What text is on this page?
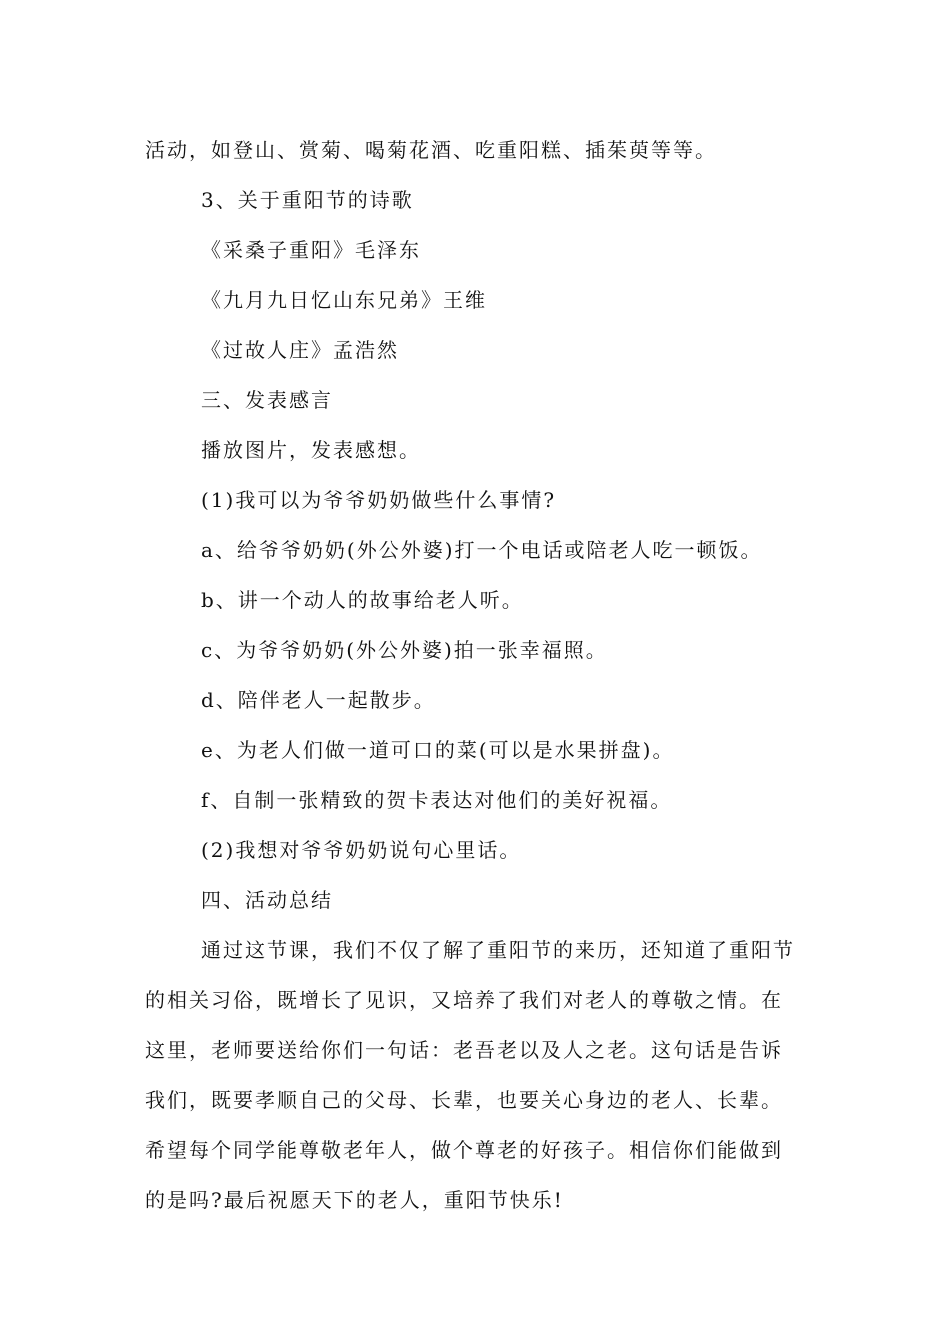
活动，如登山、赏菊、喝菊花酒、吃重阳糕、插茱萸等等。
3、关于重阳节的诗歌
《采桑子重阳》毛泽东
《九月九日忆山东兄弟》王维
《过故人庄》孟浩然
三、发表感言
播放图片，发表感想。
(1)我可以为爷爷奶奶做些什么事情?
a、给爷爷奶奶(外公外婆)打一个电话或陪老人吃一顿饭。
b、讲一个动人的故事给老人听。
c、为爷爷奶奶(外公外婆)拍一张幸福照。
d、陪伴老人一起散步。
e、为老人们做一道可口的菜(可以是水果拼盘)。
f、自制一张精致的贺卡表达对他们的美好祝福。
(2)我想对爷爷奶奶说句心里话。
四、活动总结
通过这节课，我们不仅了解了重阳节的来历，还知道了重阳节
的相关习俗，既增长了见识，又培养了我们对老人的尊敬之情。在
这里，老师要送给你们一句话：老吾老以及人之老。这句话是告诉
我们，既要孝顺自己的父母、长辈，也要关心身边的老人、长辈。
希望每个同学能尊敬老年人，做个尊老的好孩子。相信你们能做到
的是吗?最后祝愿天下的老人，重阳节快乐!
